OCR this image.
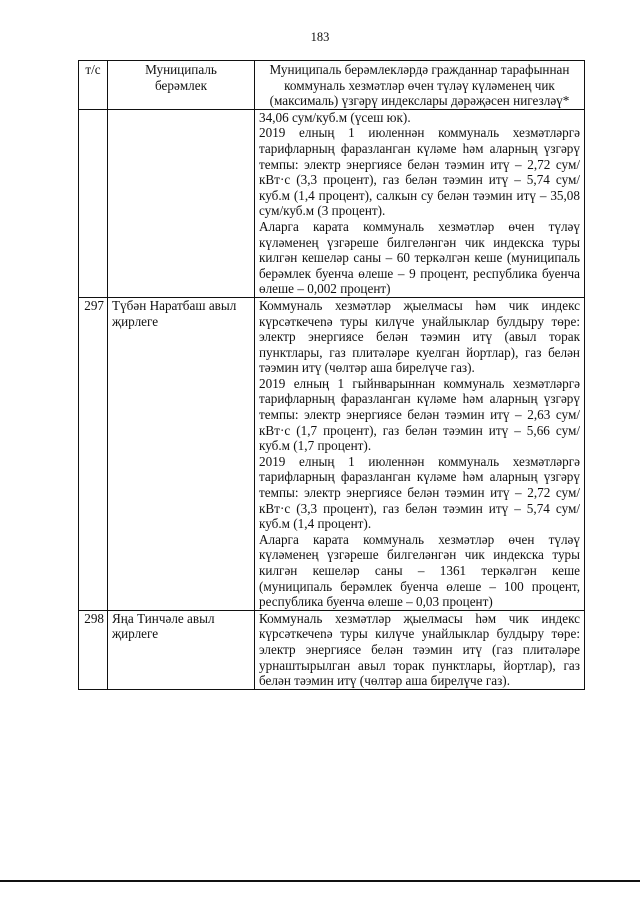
183
т/с	Муниципаль берәмлек	Муниципаль берәмлекләрдә гражданнар тарафыннан коммуналь хезмәтләр өчен түләү күләменең чик (максималь) үзгәрү индекслары дәрәҗәсен нигезләү*

		34,06 сум/куб.м (үсеш юк).

2019 елның 1 июленнән коммуналь хезмәтләргә тарифларның фаразланган күләме һәм аларның үзгәрү темпы: электр энергиясе белән тәэмин итү – 2,72 сум/кВт·с (3,3 процент), газ белән тәэмин итү – 5,74 сум/куб.м (1,4 процент), салкын су белән тәэмин итү – 35,08 сум/куб.м (3 процент).

Аларга карата коммуналь хезмәтләр өчен түләү күләменең үзгәреше билгеләнгән чик индекска туры килгән кешеләр саны – 60 теркәлгән кеше (муниципаль берәмлек буенча өлеше – 9 процент, республика буенча өлеше – 0,002 процент)

297	Түбән Наратбаш авыл җирлеге	Коммуналь хезмәтләр җыелмасы һәм чик индекс күрсәткечenә туры килүче унайлыклар булдыру төре: электр энергиясе белән тәэмин итү (авыл торак пунктлары, газ плитәләре куелган йортлар), газ белән тәэмин итү (чөлтәр аша бирелүче газ).

2019 елның 1 гыйнварыннан коммуналь хезмәтләргә тарифларның фаразланган күләме һәм аларның үзгәрү темпы: электр энергиясе белән тәэмин итү – 2,63 сум/кВт·с (1,7 процент), газ белән тәэмин итү – 5,66 сум/куб.м (1,7 процент).

2019 елның 1 июленнән коммуналь хезмәтләргә тарифларның фаразланган күләме һәм аларның үзгәрү темпы: электр энергиясе белән тәэмин итү – 2,72 сум/кВт·с (3,3 процент), газ белән тәэмин итү – 5,74 сум/куб.м (1,4 процент).

Аларга карата коммуналь хезмәтләр өчен түләү күләменең үзгәреше билгеләнгән чик индекска туры килгән кешеләр саны – 1361 теркәлгән кеше (муниципаль берәмлек буенча өлеше – 100 процент, республика буенча өлеше – 0,03 процент)

298	Яңа Тинчәле авыл җирлеге	Коммуналь хезмәтләр җыелмасы һәм чик индекс күрсәткечenә туры килүче унайлыклар булдыру төре: электр энергиясе белән тәэмин итү (газ плитәләре урнаштырылган авыл торак пунктлары, йортлар), газ белән тәэмин итү (чөлтәр аша бирелүче газ).
